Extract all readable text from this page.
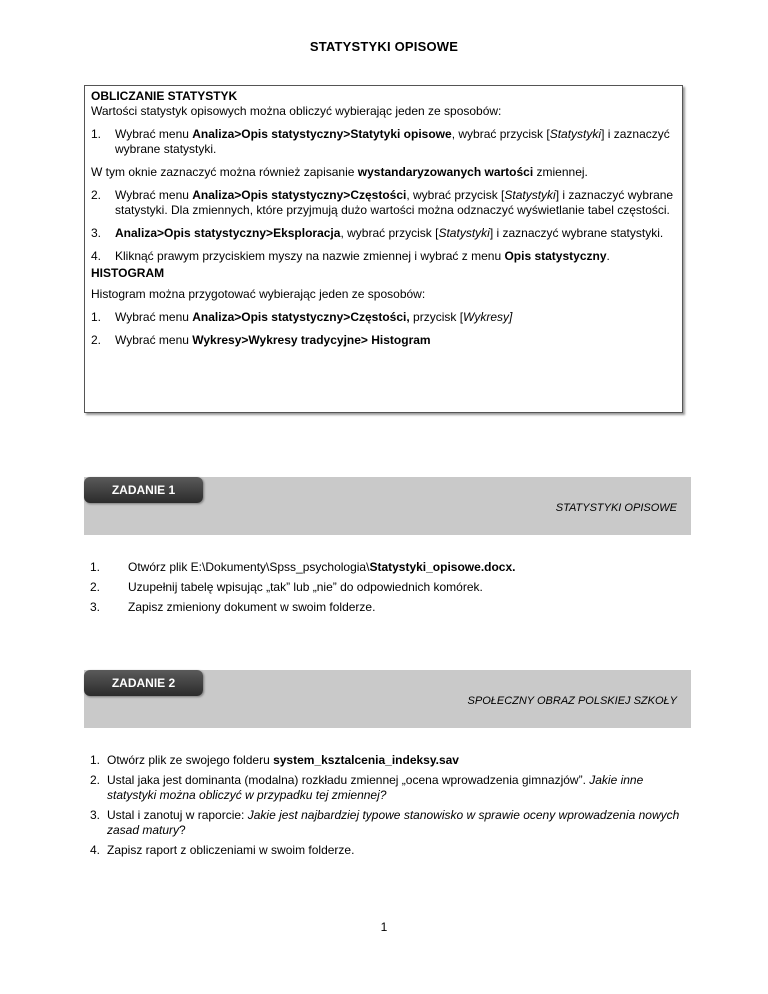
STATYSTYKI OPISOWE

OBLICZANIE STATYSTYK

Wartości statystyk opisowych można obliczyć wybierając jeden ze sposobów:

1.	Wybrać menu Analiza>Opis statystyczny>Statytyki opisowe, wybrać przycisk [Statystyki] i zaznaczyć wybrane statystyki.

W tym oknie zaznaczyć można również zapisanie wystandaryzowanych wartości zmiennej.

2.	Wybrać menu Analiza>Opis statystyczny>Częstości, wybrać przycisk [Statystyki] i zaznaczyć wybrane statystyki. Dla zmiennych, które przyjmują dużo wartości można odznaczyć wyświetlanie tabel częstości.
3.	Analiza>Opis statystyczny>Eksploracja, wybrać przycisk [Statystyki] i zaznaczyć wybrane statystyki.
4.	Kliknąć prawym przyciskiem myszy na nazwie zmiennej i wybrać z menu Opis statystyczny.

HISTOGRAM

Histogram można przygotować wybierając jeden ze sposobów:

1.	Wybrać menu Analiza>Opis statystyczny>Częstości, przycisk [Wykresy]
2.	Wybrać menu Wykresy>Wykresy tradycyjne> Histogram
ZADANIE 1
STATYSTYKI OPISOWE
1.	Otwórz plik E:\Dokumenty\Spss_psychologia\Statystyki_opisowe.docx.
2.	Uzupełnij tabelę wpisując „tak” lub „nie” do odpowiednich komórek.
3.	Zapisz zmieniony dokument w swoim folderze.
ZADANIE 2
SPOŁECZNY OBRAZ POLSKIEJ SZKOŁY
1. Otwórz plik ze swojego folderu system_ksztalcenia_indeksy.sav
2. Ustal jaka jest dominanta (modalna) rozkładu zmiennej „ocena wprowadzenia gimnazjów”. Jakie inne statystyki można obliczyć w przypadku tej zmiennej?
3. Ustal i zanotuj w raporcie: Jakie jest najbardziej typowe stanowisko w sprawie oceny wprowadzenia nowych zasad matury?
4. Zapisz raport z obliczeniami w swoim folderze.
1
